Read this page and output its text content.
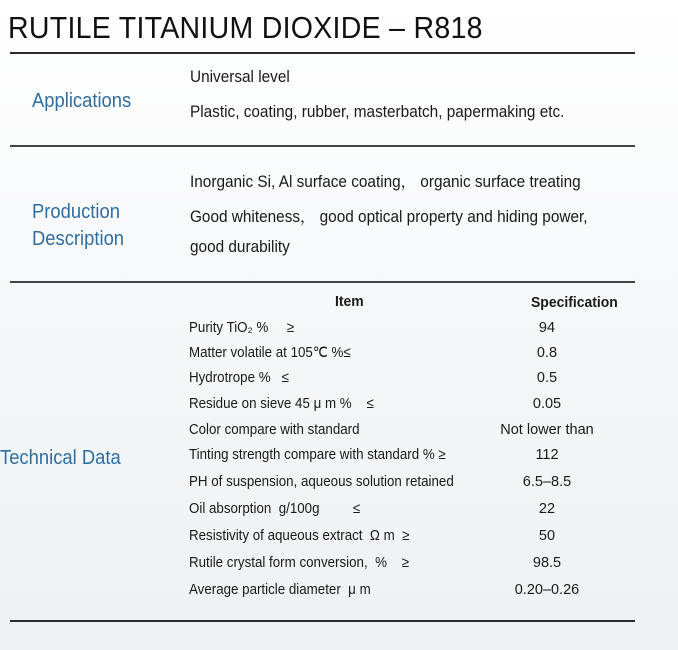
RUTILE TITANIUM DIOXIDE – R818
Applications
Universal level
Plastic, coating, rubber, masterbatch, papermaking etc.
Production
Description
Inorganic Si, Al surface coating， organic surface treating
Good whiteness， good optical property and hiding power,
good durability
Technical Data
Item	Specification
Purity TiO₂ %     ≥	94
Matter volatile at 105℃ %≤	0.8
Hydrotrope %   ≤	0.5
Residue on sieve 45 μ m %    ≤	0.05
Color compare with standard	Not lower than
Tinting strength compare with standard % ≥	112
PH of suspension, aqueous solution retained	6.5–8.5
Oil absorption  g/100g         ≤	22
Resistivity of aqueous extract  Ω m  ≥	50
Rutile crystal form conversion,  %    ≥	98.5
Average particle diameter  μ m	0.20–0.26
